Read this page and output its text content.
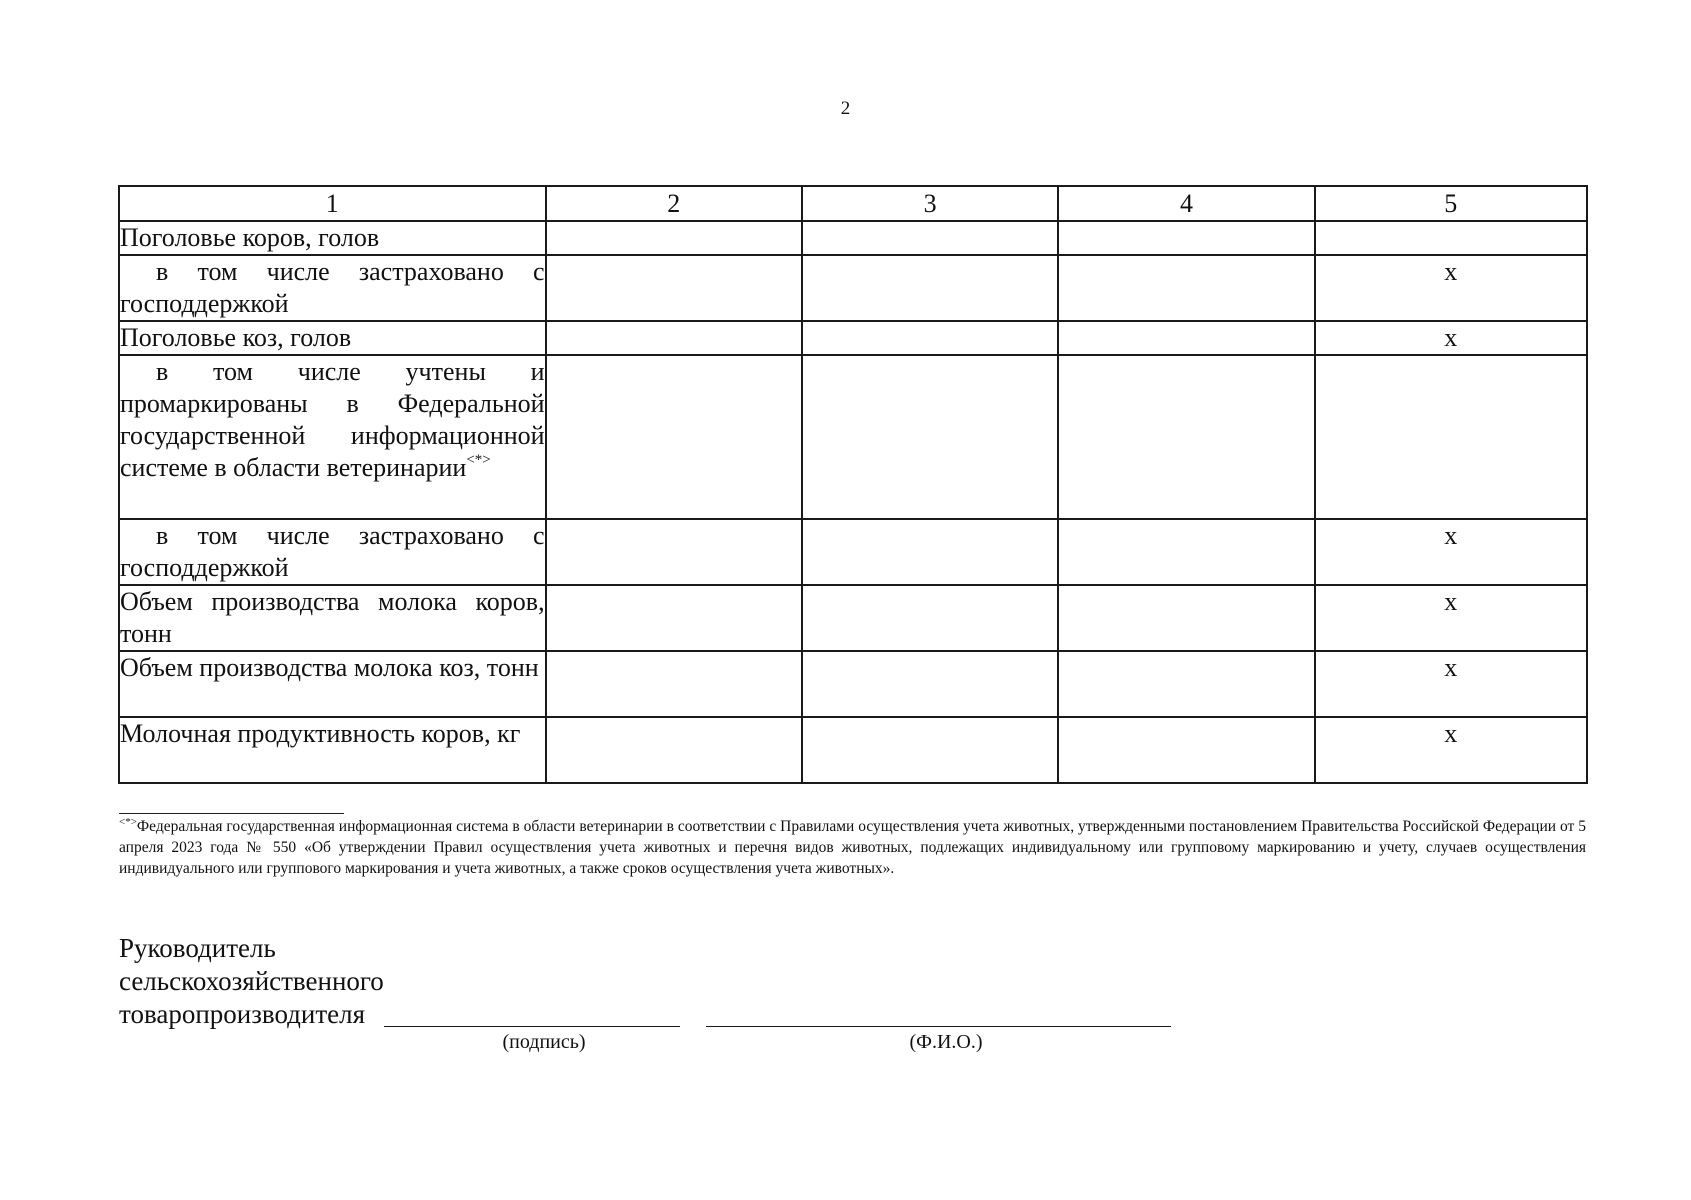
2
1	2	3	4	5
Поголовье коров, голов				
в том числе застраховано с господдержкой				x
Поголовье коз, голов				x
в том числе учтены и промаркированы в Федеральной государственной информационной системе в области ветеринарии<*>				
в том числе застраховано с господдержкой				x
Объем производства молока коров, тонн				x
Объем производства молока коз, тонн				x
Молочная продуктивность коров, кг				x
<*>Федеральная государственная информационная система в области ветеринарии в соответствии с Правилами осуществления учета животных, утвержденными постановлением Правительства Российской Федерации от 5 апреля 2023 года № 550 «Об утверждении Правил осуществления учета животных и перечня видов животных, подлежащих индивидуальному или групповому маркированию и учету, случаев осуществления индивидуального или группового маркирования и учета животных, а также сроков осуществления учета животных».
Руководитель
сельскохозяйственного
товаропроизводителя
(подпись)	(Ф.И.О.)
